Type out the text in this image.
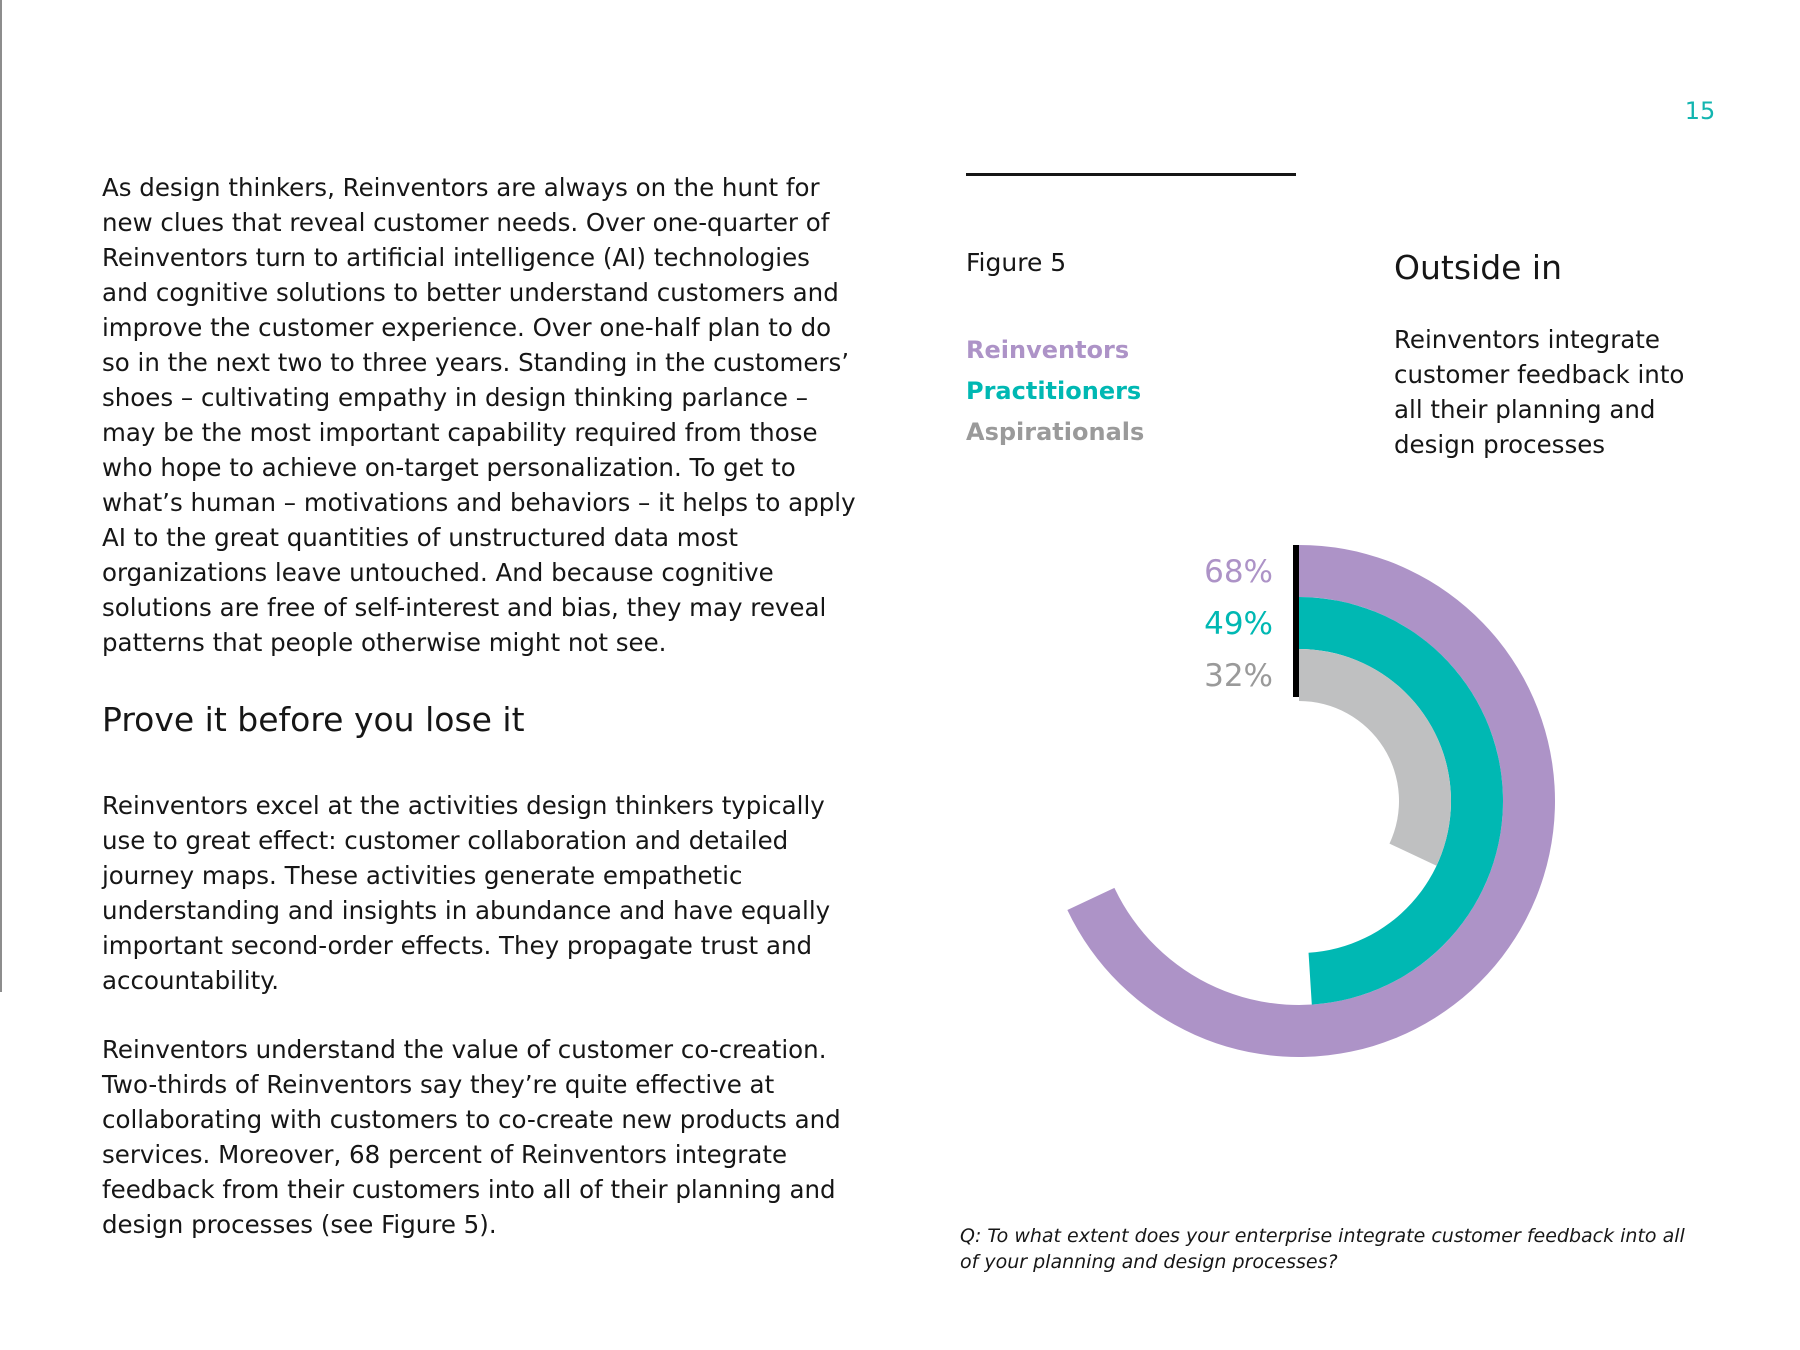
15

As design thinkers, Reinventors are always on the hunt for new clues that reveal customer needs. Over one-quarter of Reinventors turn to artificial intelligence (AI) technologies and cognitive solutions to better understand customers and improve the customer experience. Over one-half plan to do so in the next two to three years. Standing in the customers’ shoes – cultivating empathy in design thinking parlance – may be the most important capability required from those who hope to achieve on-target personalization. To get to what’s human – motivations and behaviors – it helps to apply AI to the great quantities of unstructured data most organizations leave untouched. And because cognitive solutions are free of self-interest and bias, they may reveal patterns that people otherwise might not see.

Prove it before you lose it

Reinventors excel at the activities design thinkers typically use to great effect: customer collaboration and detailed journey maps. These activities generate empathetic understanding and insights in abundance and have equally important second-order effects. They propagate trust and accountability.

Reinventors understand the value of customer co-creation. Two-thirds of Reinventors say they’re quite effective at collaborating with customers to co-create new products and services. Moreover, 68 percent of Reinventors integrate feedback from their customers into all of their planning and design processes (see Figure 5).

Figure 5
Reinventors
Practitioners
Aspirationals
Outside in
Reinventors integrate customer feedback into all their planning and design processes
68%
49%
32%
Q: To what extent does your enterprise integrate customer feedback into all of your planning and design processes?
